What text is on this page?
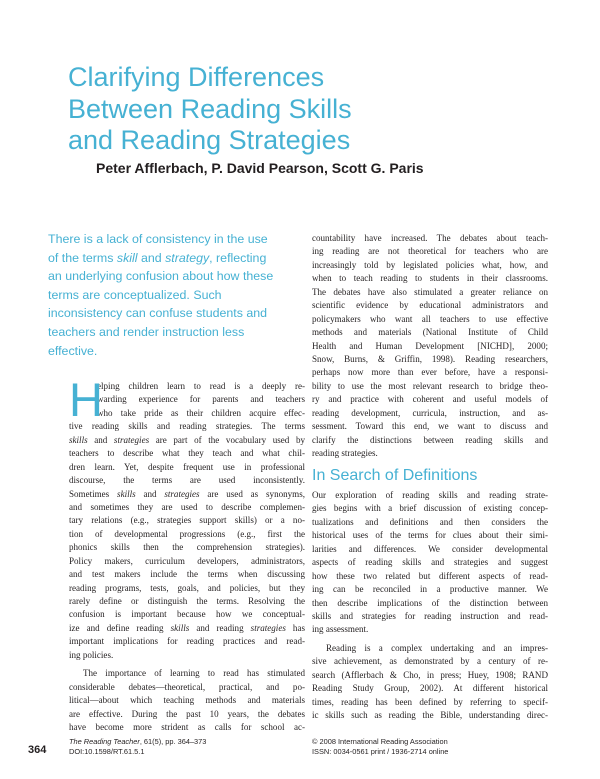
Clarifying Differences
Between Reading Skills
and Reading Strategies
Peter Afflerbach, P. David Pearson, Scott G. Paris
There is a lack of consistency in the use
of the terms skill and strategy, reflecting
an underlying confusion about how these
terms are conceptualized. Such
inconsistency can confuse students and
teachers and render instruction less
effective.
H
elping children learn to read is a deeply re-
warding experience for parents and teachers
who take pride as their children acquire effec-
tive reading skills and reading strategies. The terms
skills and strategies are part of the vocabulary used by
teachers to describe what they teach and what chil-
dren learn. Yet, despite frequent use in professional
discourse, the terms are used inconsistently.
Sometimes skills and strategies are used as synonyms,
and sometimes they are used to describe complemen-
tary relations (e.g., strategies support skills) or a no-
tion of developmental progressions (e.g., first the
phonics skills then the comprehension strategies).
Policy makers, curriculum developers, administrators,
and test makers include the terms when discussing
reading programs, tests, goals, and policies, but they
rarely define or distinguish the terms. Resolving the
confusion is important because how we conceptual-
ize and define reading skills and reading strategies has
important implications for reading practices and read-
ing policies.
The importance of learning to read has stimulated
considerable debates—theoretical, practical, and po-
litical—about which teaching methods and materials
are effective. During the past 10 years, the debates
have become more strident as calls for school ac-
countability have increased. The debates about teach-
ing reading are not theoretical for teachers who are
increasingly told by legislated policies what, how, and
when to teach reading to students in their classrooms.
The debates have also stimulated a greater reliance on
scientific evidence by educational administrators and
policymakers who want all teachers to use effective
methods and materials (National Institute of Child
Health and Human Development [NICHD], 2000;
Snow, Burns, & Griffin, 1998). Reading researchers,
perhaps now more than ever before, have a responsi-
bility to use the most relevant research to bridge theo-
ry and practice with coherent and useful models of
reading development, curricula, instruction, and as-
sessment. Toward this end, we want to discuss and
clarify the distinctions between reading skills and
reading strategies.
In Search of Definitions
Our exploration of reading skills and reading strate-
gies begins with a brief discussion of existing concep-
tualizations and definitions and then considers the
historical uses of the terms for clues about their simi-
larities and differences. We consider developmental
aspects of reading skills and strategies and suggest
how these two related but different aspects of read-
ing can be reconciled in a productive manner. We
then describe implications of the distinction between
skills and strategies for reading instruction and read-
ing assessment.
Reading is a complex undertaking and an impres-
sive achievement, as demonstrated by a century of re-
search (Afflerbach & Cho, in press; Huey, 1908; RAND
Reading Study Group, 2002). At different historical
times, reading has been defined by referring to specif-
ic skills such as reading the Bible, understanding direc-
364
The Reading Teacher, 61(5), pp. 364–373
DOI:10.1598/RT.61.5.1
© 2008 International Reading Association
ISSN: 0034-0561 print / 1936-2714 online
